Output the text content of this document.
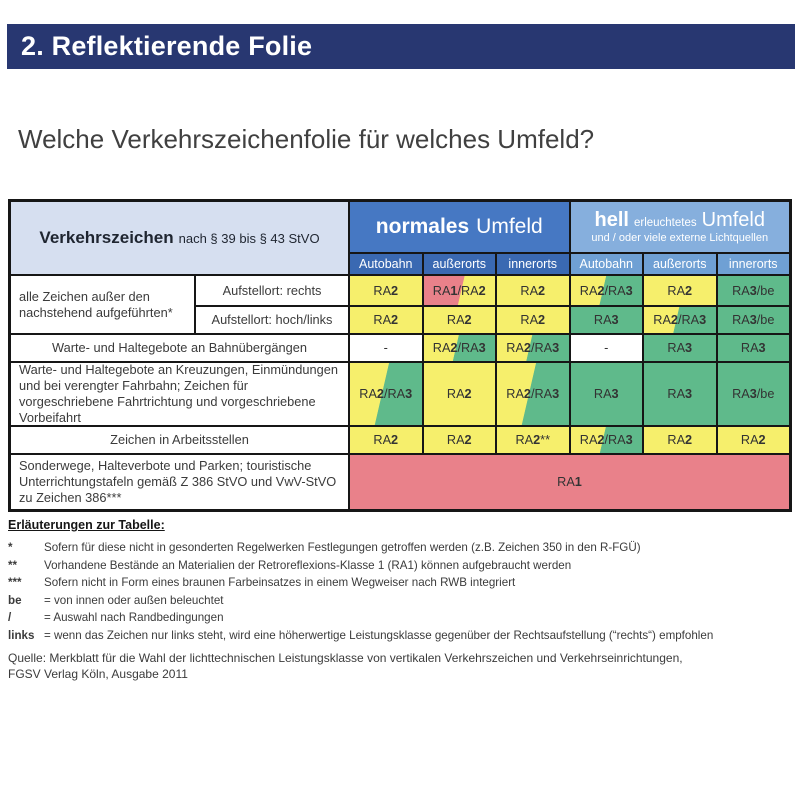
2. Reflektierende Folie
Welche Verkehrszeichenfolie für welches Umfeld?
Verkehrszeichen nach § 39 bis § 43 StVO	normales Umfeld	hell erleuchtetes Umfeld
und / oder viele externe Lichtquellen
Autobahn	außerorts	innerorts	Autobahn	außerorts	innerorts
alle Zeichen außer den nachstehend aufgeführten*
Aufstellort: rechts	RA 2	RA 1 /RA 2	RA 2	RA 2 /RA 3	RA 2	RA 3 /be
Aufstellort: hoch/links	RA 2	RA 2	RA 2	RA 3	RA 2 /RA 3	RA 3 /be
Warte- und Haltegebote an Bahnübergängen	-	RA 2 /RA 3	RA 2 /RA 3	-	RA 3	RA 3
Warte- und Haltegebote an Kreuzungen, Einmündungen und bei verengter Fahrbahn; Zeichen für vorgeschriebene Fahrtrichtung und vorgeschriebene Vorbeifahrt
RA 2 /RA 3	RA 2	RA 2 /RA 3	RA 3	RA 3	RA 3 /be
Zeichen in Arbeitsstellen	RA 2	RA 2	RA 2 **	RA 2 /RA 3	RA 2	RA 2
Sonderwege, Halteverbote und Parken; touristische Unterrichtungstafeln gemäß Z 386 StVO und VwV-StVO zu Zeichen 386***
RA 1
Erläuterungen zur Tabelle:
*	Sofern für diese nicht in gesonderten Regelwerken Festlegungen getroffen werden (z.B. Zeichen 350 in den R-FGÜ)
**	Vorhandene Bestände an Materialien der Retroreflexions-Klasse 1 (RA1) können aufgebraucht werden
***	Sofern nicht in Form eines braunen Farbeinsatzes in einem Wegweiser nach RWB integriert
be	= von innen oder außen beleuchtet
/	= Auswahl nach Randbedingungen
links = wenn das Zeichen nur links steht, wird eine höherwertige Leistungsklasse gegenüber der Rechtsaufstellung (“rechts“) empfohlen
Quelle: Merkblatt für die Wahl der lichttechnischen Leistungsklasse von vertikalen Verkehrszeichen und Verkehrseinrichtungen,
FGSV Verlag Köln, Ausgabe 2011
